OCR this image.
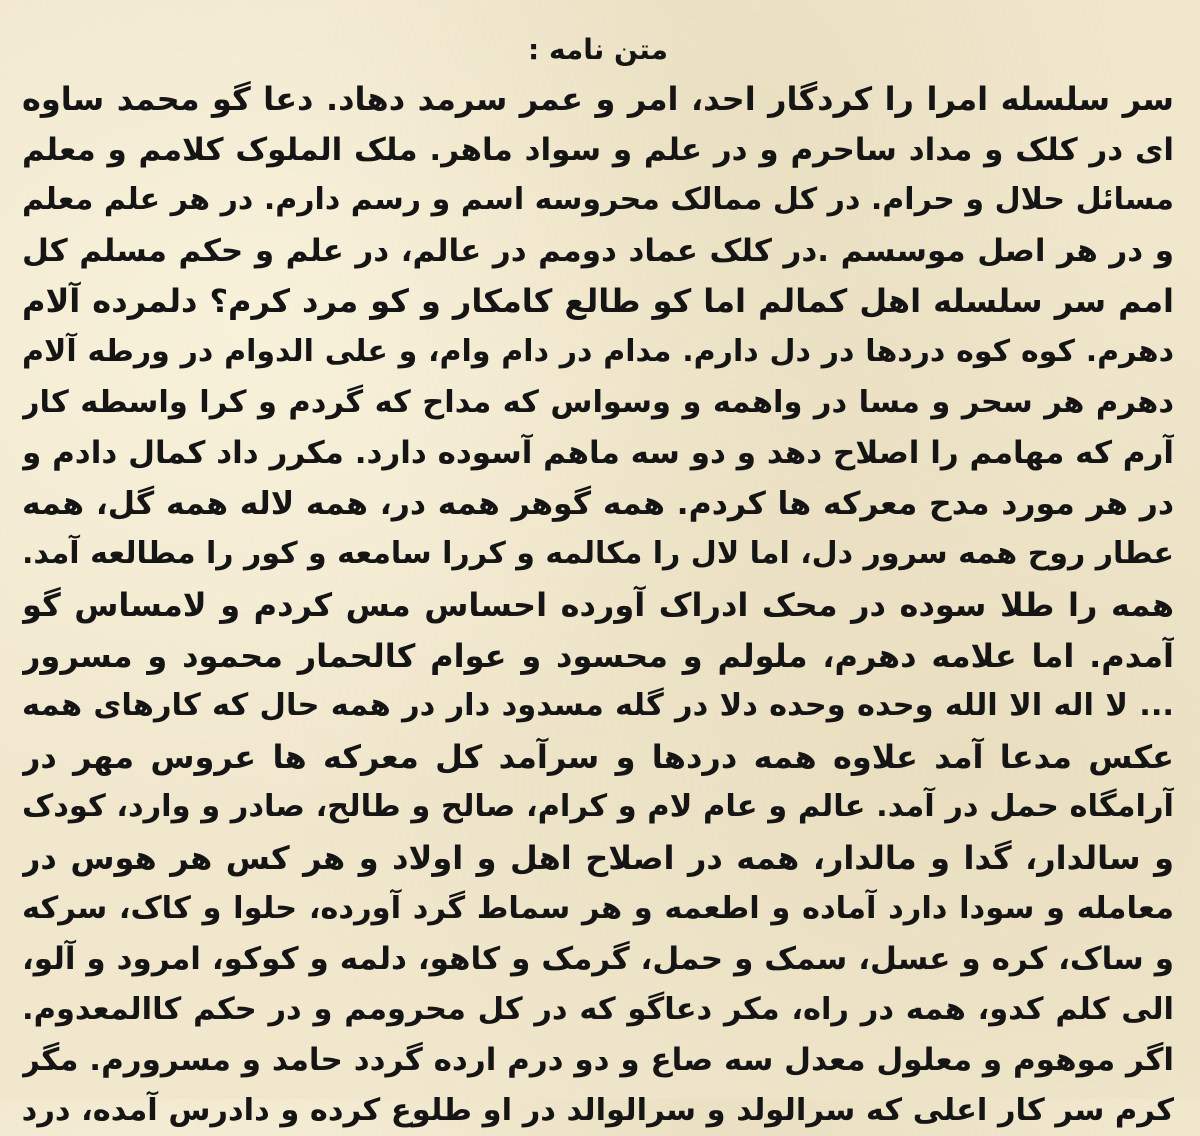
متن نامه :
سر سلسله امرا را کردگار احد، امر و عمر سرمد دهاد. دعا گو محمد ساوه
ای در کلک و مداد ساحرم و در علم و سواد ماهر. ملک الملوک کلامم و معلم
مسائل حلال و حرام. در کل ممالک محروسه اسم و رسم دارم. در هر علم معلم
و در هر اصل موسسم .در کلک عماد دومم در عالم، در علم و حکم مسلم کل
امم سر سلسله اهل کمالم اما کو طالع کامکار و کو مرد کرم؟ دلمرده آلام
دهرم. کوه کوه دردها در دل دارم. مدام در دام وام، و علی الدوام در ورطه آلام
دهرم هر سحر و مسا در واهمه و وسواس که مداح که گردم و کرا واسطه کار
آرم که مهامم را اصلاح دهد و دو سه ماهم آسوده دارد. مکرر داد کمال دادم و
در هر مورد مدح معرکه ها کردم. همه گوهر همه در، همه لاله همه گل، همه
عطار روح همه سرور دل، اما لال را مکالمه و کررا سامعه و کور را مطالعه آمد.
همه را طلا سوده در محک ادراک آورده احساس مس کردم و لامساس گو
آمدم. اما علامه دهرم، ملولم و محسود و عوام کالحمار محمود و مسرور
... لا اله الا الله وحده وحده دلا در گله مسدود دار در همه حال که کارهای همه
عکس مدعا آمد علاوه همه دردها و سرآمد کل معرکه ها عروس مهر در
آرامگاه حمل در آمد. عالم و عام لام و کرام، صالح و طالح، صادر و وارد، کودک
و سالدار، گدا و مالدار، همه در اصلاح اهل و اولاد و هر کس هر هوس در
معامله و سودا دارد آماده و اطعمه و هر سماط گرد آورده، حلوا و کاک، سرکه
و ساک، کره و عسل، سمک و حمل، گرمک و کاهو، دلمه و کوکو، امرود و آلو،
الی کلم کدو، همه در راه، مکر دعاگو که در کل محرومم و در حکم کاالمعدوم.
اگر موهوم و معلول معدل سه صاع و دو درم ارده گردد حامد و مسرورم. مگر
کرم سر کار اعلی که سرالولد و سرالوالد در او طلوع کرده و دادرس آمده، درد
